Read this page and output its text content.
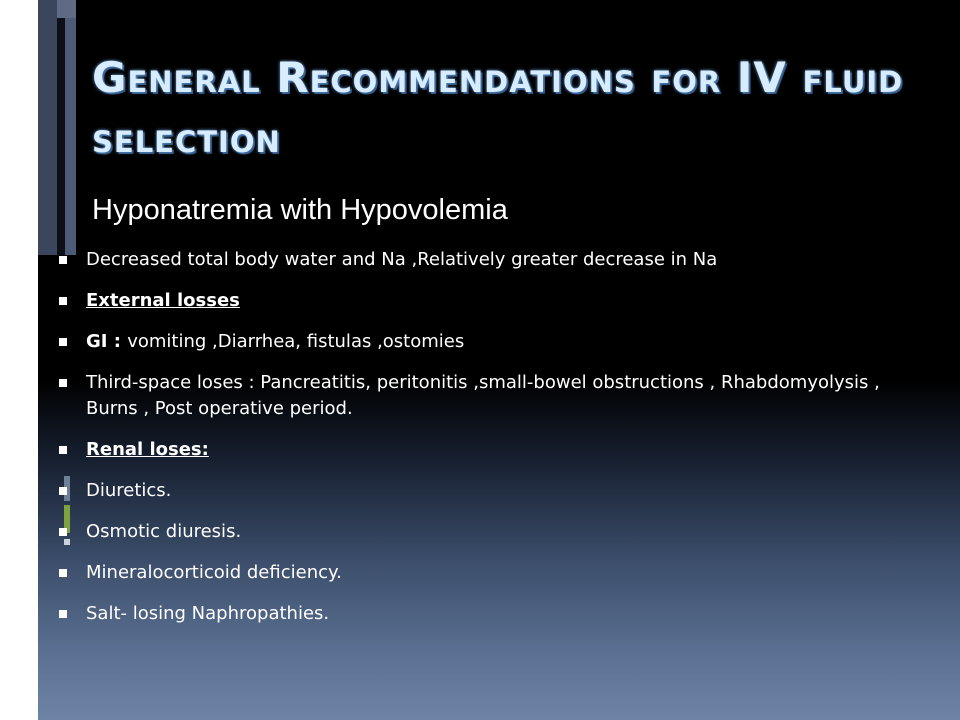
General Recommendations for IV fluid selection
Hyponatremia with Hypovolemia
Decreased total body water and Na ,Relatively greater decrease in Na
External losses
GI : vomiting ,Diarrhea, fistulas ,ostomies
Third-space loses : Pancreatitis, peritonitis ,small-bowel obstructions , Rhabdomyolysis , Burns , Post operative period.
Renal loses:
Diuretics.
Osmotic diuresis.
Mineralocorticoid deficiency.
Salt- losing Naphropathies.
